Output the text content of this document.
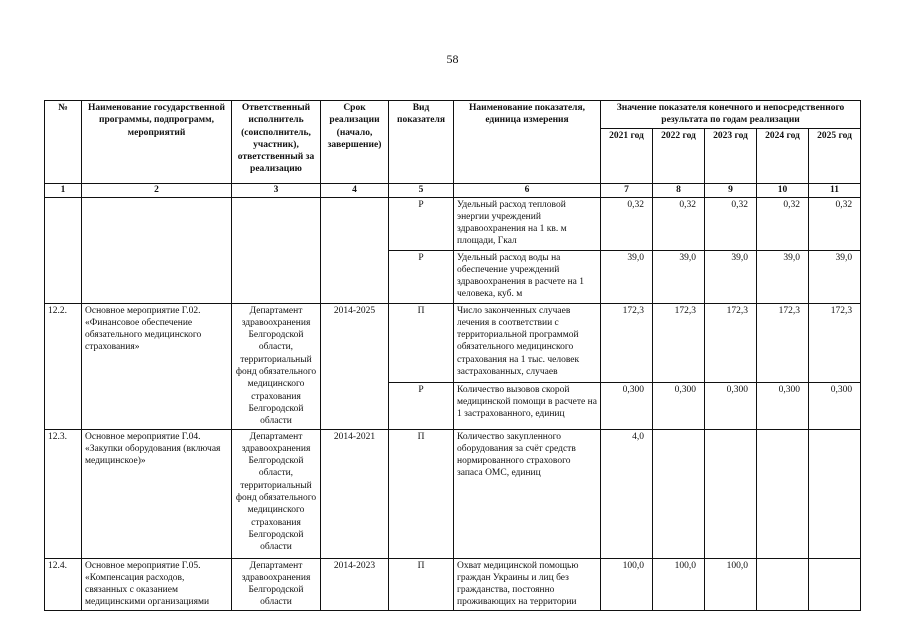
58
№	Наименование государственной программы, подпрограмм, мероприятий	Ответственный исполнитель (соисполнитель, участник), ответственный за реализацию	Срок реализации (начало, завершение)	Вид показателя	Наименование показателя, единица измерения	Значение показателя конечного и непосредственного результата по годам реализации				
						2021 год	2022 год	2023 год	2024 год	2025 год
1	2	3	4	5	6	7	8	9	10	11
				Р	Удельный расход тепловой энергии учреждений здравоохранения на 1 кв. м площади, Гкал	0,32	0,32	0,32	0,32	0,32
				Р	Удельный расход воды на обеспечение учреждений здравоохранения в расчете на 1 человека, куб. м	39,0	39,0	39,0	39,0	39,0
12.2.	Основное мероприятие Г.02. «Финансовое обеспечение обязательного медицинского страхования»	Департамент здравоохранения Белгородской области, территориальный фонд обязательного медицинского страхования Белгородской области	2014-2025	П	Число законченных случаев лечения в соответствии с территориальной программой обязательного медицинского страхования на 1 тыс. человек застрахованных, случаев	172,3	172,3	172,3	172,3	172,3
				Р	Количество вызовов скорой медицинской помощи в расчете на 1 застрахованного, единиц	0,300	0,300	0,300	0,300	0,300
12.3.	Основное мероприятие Г.04. «Закупки оборудования (включая медицинское)»	Департамент здравоохранения Белгородской области, территориальный фонд обязательного медицинского страхования Белгородской области	2014-2021	П	Количество закупленного оборудования за счёт средств нормированного страхового запаса ОМС, единиц	4,0				
12.4.	Основное мероприятие Г.05. «Компенсация расходов, связанных с оказанием медицинскими организациями	Департамент здравоохранения Белгородской области	2014-2023	П	Охват медицинской помощью граждан Украины и лиц без гражданства, постоянно проживающих на территории	100,0	100,0	100,0		
